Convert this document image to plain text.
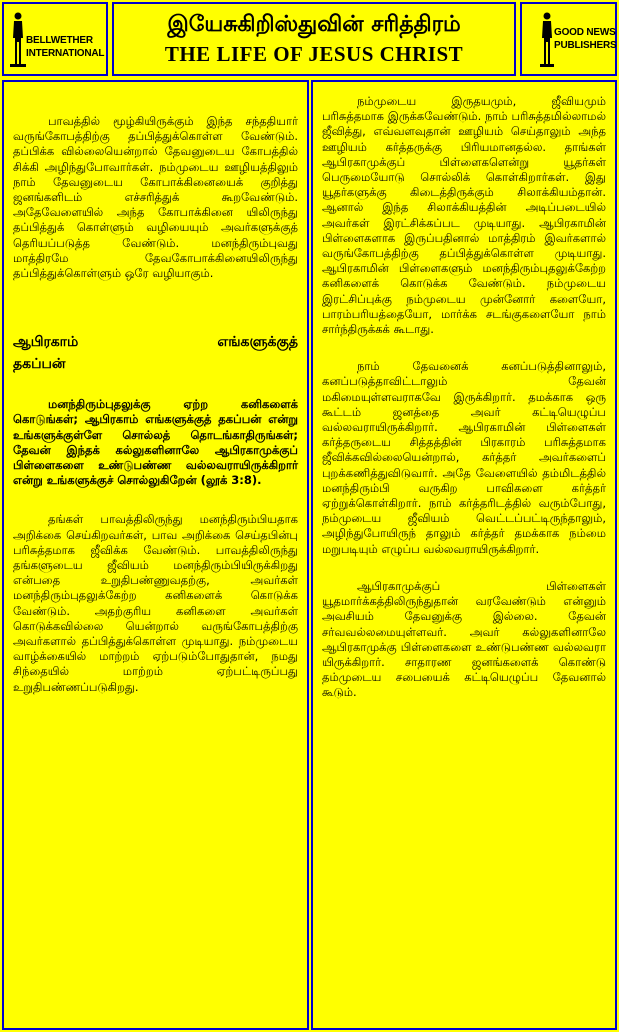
BELLWETHER
INTERNATIONAL
இயேசுகிறிஸ்துவின் சரித்திரம்
THE LIFE OF JESUS CHRIST
GOOD NEWS
PUBLISHERS

பாவத்தில் மூழ்கியிருக்கும் இந்த சந்ததியார் வருங்கோபத்திற்கு தப்பித்துக்கொள்ள வேண்டும். தப்பிக்க வில்லையென்றால் தேவனுடைய கோபத்தில் சிக்கி அழிந்துபோவார்கள். நம்முடைய ஊழியத்திலும் நாம் தேவனுடைய கோபாக்கினையைக் குறித்து ஜனங்களிடம் எச்சரித்துக் கூறவேண்டும். அதேவேளையில் அந்த கோபாக்கினை யிலிருந்து தப்பித்துக் கொள்ளும் வழியையும் அவர்களுக்குத் தெரியப்படுத்த வேண்டும். மனந்திரும்புவது மாத்திரமே தேவகோபாக்கினையிலிருந்து தப்பித்துக்கொள்ளும் ஒரே வழியாகும்.

ஆபிரகாம் எங்களுக்குத்
தகப்பன்

மனந்திரும்புதலுக்கு ஏற்ற கனிகளைக் கொடுங்கள்; ஆபிரகாம் எங்களுக்குத் தகப்பன் என்று உங்களுக்குள்ளே சொல்லத் தொடங்காதிருங்கள்; தேவன் இந்தக் கல்லுகளினாலே ஆபிரகாமுக்குப் பிள்ளைகளை உண்டுபண்ண வல்லவராயிருக்கிறார் என்று உங்களுக்குச் சொல்லுகிறேன் (லூக் 3:8).

தங்கள் பாவத்திலிருந்து மனந்திரும்பியதாக அறிக்கை செய்கிறவர்கள், பாவ அறிக்கை செய்தபின்பு பரிசுத்தமாக ஜீவிக்க வேண்டும். பாவத்திலிருந்து தங்களுடைய ஜீவியம் மனந்திரும்பியிருக்கிறது என்பதை உறுதிபண்ணுவதற்கு, அவர்கள் மனந்திரும்புதலுக்கேற்ற கனிகளைக் கொடுக்க வேண்டும். அதற்குரிய கனிகளை அவர்கள் கொடுக்கவில்லை யென்றால் வருங்கோபத்திற்கு அவர்களால் தப்பித்துக்கொள்ள முடியாது. நம்முடைய வாழ்க்கையில் மாற்றம் ஏற்படும்போதுதான், நமது சிந்தையில் மாற்றம் ஏற்பட்டிருப்பது உறுதிபண்ணப்படுகிறது.

நம்முடைய இருதயமும், ஜீவியமும் பரிசுத்தமாக இருக்கவேண்டும். நாம் பரிசுத்தமில்லாமல் ஜீவித்து, எவ்வளவுதான் ஊழியம் செய்தாலும் அந்த ஊழியம் கர்த்தருக்கு பிரியமானதல்ல. தாங்கள் ஆபிரகாமுக்குப் பிள்ளைகளென்று யூதர்கள் பெருமையோடு சொல்லிக் கொள்கிறார்கள். இது யூதர்களுக்கு கிடைத்திருக்கும் சிலாக்கியம்தான். ஆனால் இந்த சிலாக்கியத்தின் அடிப்படையில் அவர்கள் இரட்சிக்கப்பட முடியாது. ஆபிரகாமின் பிள்ளைகளாக இருப்பதினால் மாத்திரம் இவர்களால் வருங்கோபத்திற்கு தப்பித்துக்கொள்ள முடியாது. ஆபிரகாமின் பிள்ளைகளும் மனந்திரும்புதலுக்கேற்ற கனிகளைக் கொடுக்க வேண்டும். நம்முடைய இரட்சிப்புக்கு நம்முடைய முன்னோர் களையோ, பாரம்பரியத்தையோ, மார்க்க சடங்குகளையோ நாம் சார்ந்திருக்கக் கூடாது.

நாம் தேவனைக் கனப்படுத்தினாலும், கனப்படுத்தாவிட்டாலும் தேவன் மகிமையுள்ளவராகவே இருக்கிறார். தமக்காக ஒரு கூட்டம் ஜனத்தை அவர் கட்டியெழுப்ப வல்லவராயிருக்கிறார். ஆபிரகாமின் பிள்ளைகள் கர்த்தருடைய சித்தத்தின் பிரகாரம் பரிசுத்தமாக ஜீவிக்கவில்லையென்றால், கர்த்தர் அவர்களைப் புறக்கணித்துவிடுவார். அதே வேளையில் தம்மிடத்தில் மனந்திரும்பி வருகிற பாவிகளை கர்த்தர் ஏற்றுக்கொள்கிறார். நாம் கர்த்தரிடத்தில் வரும்போது, நம்முடைய ஜீவியம் வெட்டப்பட்டிருந்தாலும், அழிந்துபோயிருந் தாலும் கர்த்தர் தமக்காக நம்மை மறுபடியும் எழுப்ப வல்லவராயிருக்கிறார்.

ஆபிரகாமுக்குப் பிள்ளைகள் யூதமார்க்கத்திலிருந்துதான் வரவேண்டும் என்னும் அவசியம் தேவனுக்கு இல்லை. தேவன் சர்வவல்லமையுள்ளவர். அவர் கல்லுகளினாலே ஆபிரகாமுக்கு பிள்ளைகளை உண்டுபண்ண வல்லவரா யிருக்கிறார். சாதாரண ஜனங்களைக் கொண்டு தம்முடைய சபையைக் கட்டியெழுப்ப தேவனால் கூடும்.
